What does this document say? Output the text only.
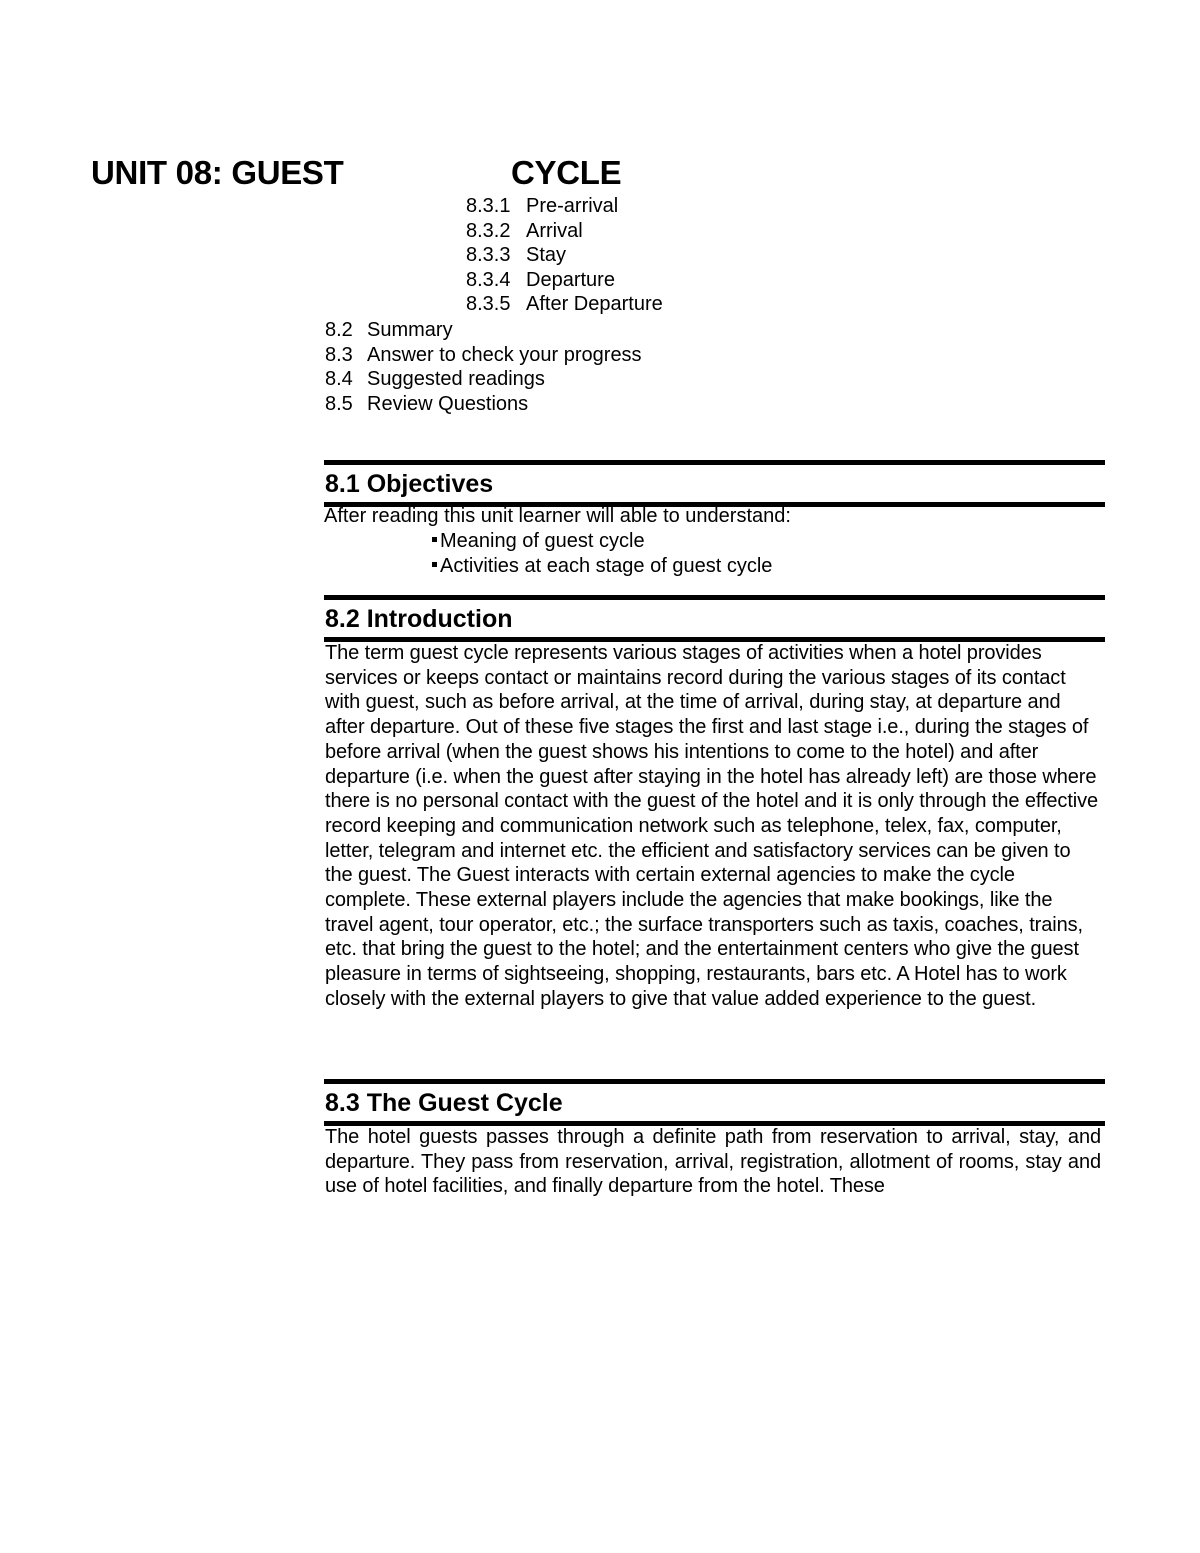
UNIT 08: GUEST	CYCLE
8.3.1 Pre-arrival
8.3.2 Arrival
8.3.3 Stay
8.3.4 Departure
8.3.5 After Departure
8.2 Summary
8.3 Answer to check your progress
8.4 Suggested readings
8.5 Review Questions
8.1 Objectives
After reading this unit learner will able to understand:
Meaning of guest cycle
Activities at each stage of guest cycle
8.2 Introduction
The term guest cycle represents various stages of activities when a hotel provides services or keeps contact or maintains record during the various stages of its contact with guest, such as before arrival, at the time of arrival, during stay, at departure and after departure. Out of these five stages the first and last stage i.e., during the stages of before arrival (when the guest shows his intentions to come to the hotel) and after departure (i.e. when the guest after staying in the hotel has already left) are those where there is no personal contact with the guest of the hotel and it is only through the effective record keeping and communication network such as telephone, telex, fax, computer, letter, telegram and internet etc. the efficient and satisfactory services can be given to the guest. The Guest interacts with certain external agencies to make the cycle complete. These external players include the agencies that make bookings, like the travel agent, tour operator, etc.; the surface transporters such as taxis, coaches, trains, etc. that bring the guest to the hotel; and the entertainment centers who give the guest pleasure in terms of sightseeing, shopping, restaurants, bars etc. A Hotel has to work closely with the external players to give that value added experience to the guest.
8.3 The Guest Cycle
The hotel guests passes through a definite path from reservation to arrival, stay, and departure. They pass from reservation, arrival, registration, allotment of rooms, stay and use of hotel facilities, and finally departure from the hotel. These
